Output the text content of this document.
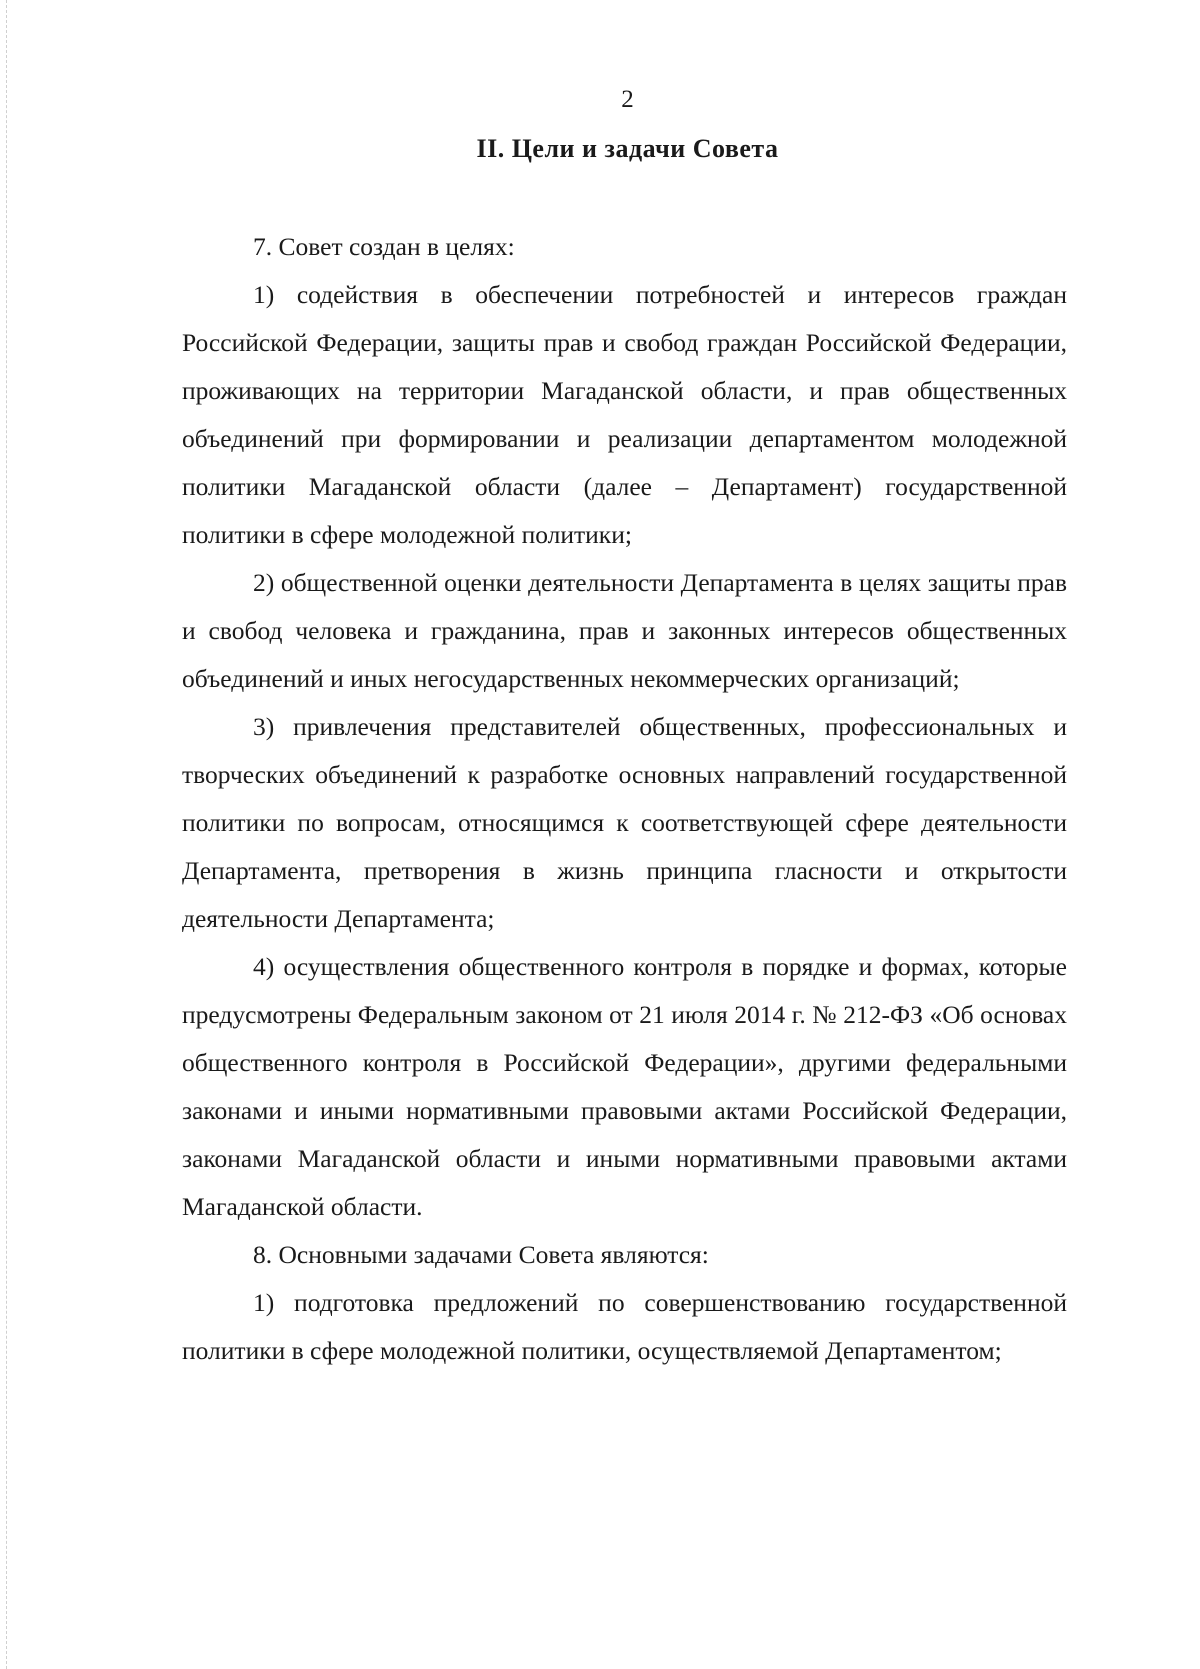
2
II. Цели и задачи Совета

7. Совет создан в целях:

1) содействия в обеспечении потребностей и интересов граждан Российской Федерации, защиты прав и свобод граждан Российской Федерации, проживающих на территории Магаданской области, и прав общественных объединений при формировании и реализации департаментом молодежной политики Магаданской области (далее – Департамент) государственной политики в сфере молодежной политики;

2) общественной оценки деятельности Департамента в целях защиты прав и свобод человека и гражданина, прав и законных интересов общественных объединений и иных негосударственных некоммерческих организаций;

3) привлечения представителей общественных, профессиональных и творческих объединений к разработке основных направлений государственной политики по вопросам, относящимся к соответствующей сфере деятельности Департамента, претворения в жизнь принципа гласности и открытости деятельности Департамента;

4) осуществления общественного контроля в порядке и формах, которые предусмотрены Федеральным законом от 21 июля 2014 г. № 212-ФЗ «Об основах общественного контроля в Российской Федерации», другими федеральными законами и иными нормативными правовыми актами Российской Федерации, законами Магаданской области и иными нормативными правовыми актами Магаданской области.

8. Основными задачами Совета являются:

1) подготовка предложений по совершенствованию государственной политики в сфере молодежной политики, осуществляемой Департаментом;
